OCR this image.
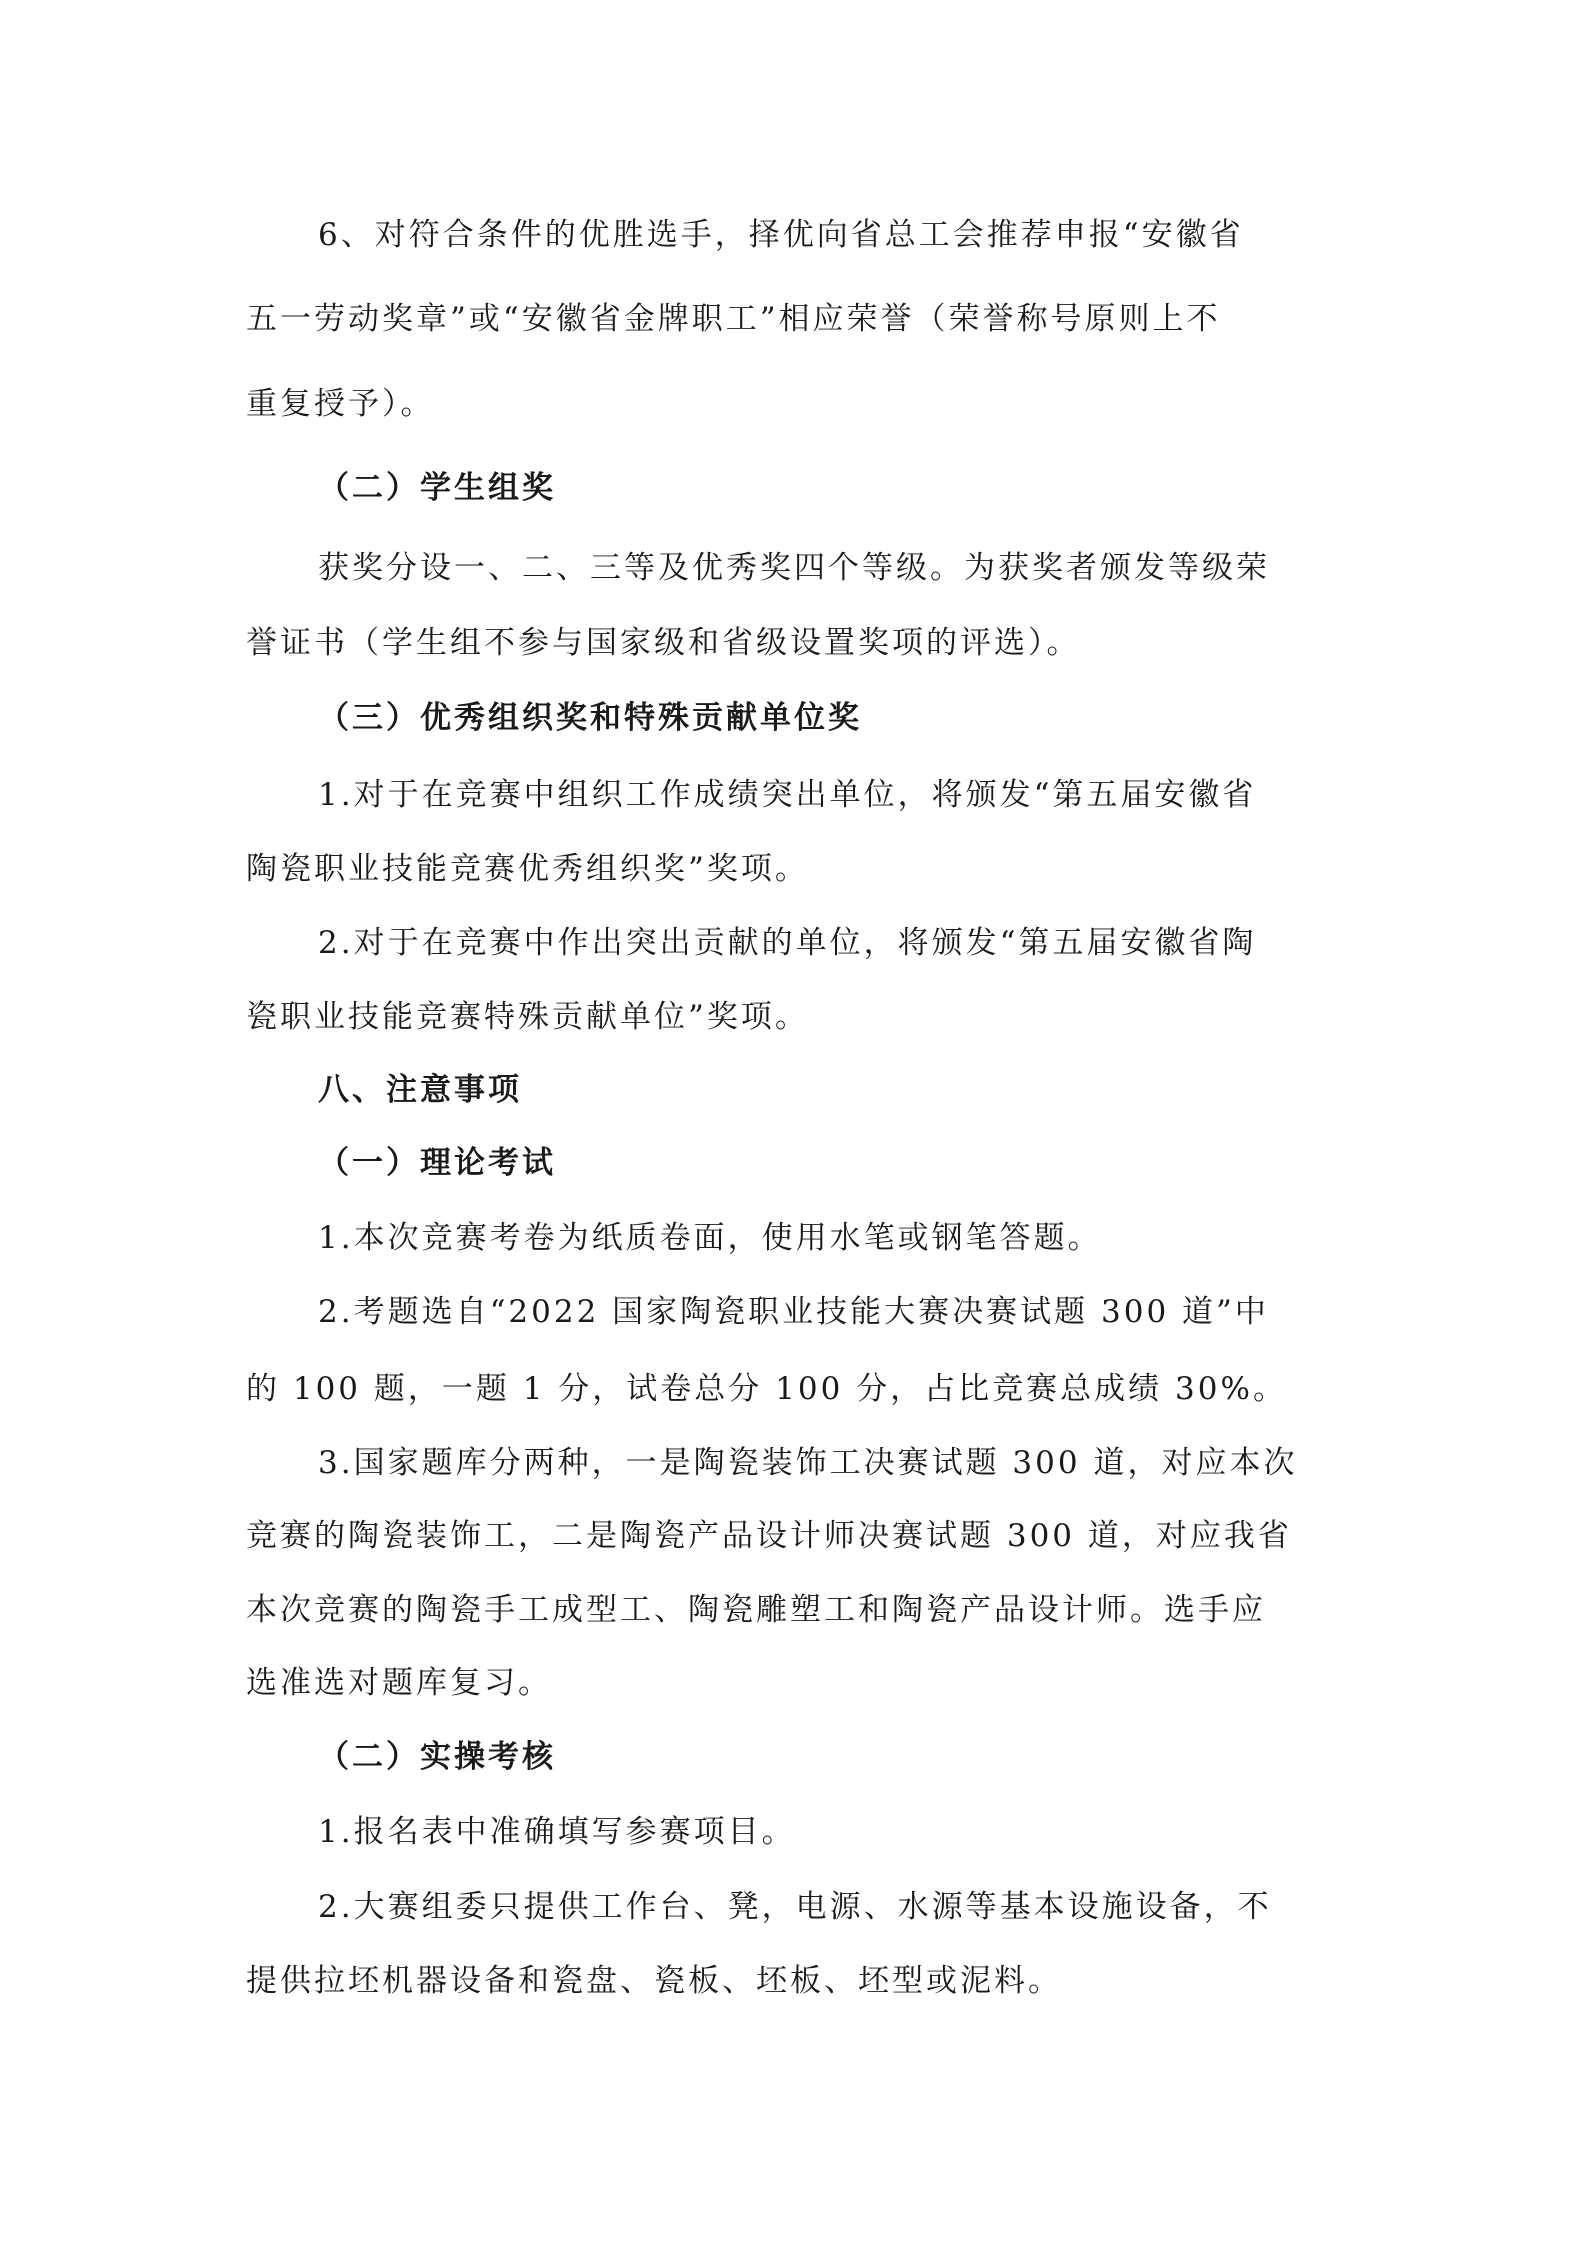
6、对符合条件的优胜选手，择优向省总工会推荐申报“安徽省
五一劳动奖章”或“安徽省金牌职工”相应荣誉（荣誉称号原则上不
重复授予）。
（二）学生组奖
获奖分设一、二、三等及优秀奖四个等级。为获奖者颁发等级荣
誉证书（学生组不参与国家级和省级设置奖项的评选）。
（三）优秀组织奖和特殊贡献单位奖
1.对于在竞赛中组织工作成绩突出单位，将颁发“第五届安徽省
陶瓷职业技能竞赛优秀组织奖”奖项。
2.对于在竞赛中作出突出贡献的单位，将颁发“第五届安徽省陶
瓷职业技能竞赛特殊贡献单位”奖项。
八、注意事项
（一）理论考试
1.本次竞赛考卷为纸质卷面，使用水笔或钢笔答题。
2.考题选自“2022 国家陶瓷职业技能大赛决赛试题 300 道”中
的 100 题，一题 1 分，试卷总分 100 分，占比竞赛总成绩 30%。
3.国家题库分两种，一是陶瓷装饰工决赛试题 300 道，对应本次
竞赛的陶瓷装饰工，二是陶瓷产品设计师决赛试题 300 道，对应我省
本次竞赛的陶瓷手工成型工、陶瓷雕塑工和陶瓷产品设计师。选手应
选准选对题库复习。
（二）实操考核
1.报名表中准确填写参赛项目。
2.大赛组委只提供工作台、凳，电源、水源等基本设施设备，不
提供拉坯机器设备和瓷盘、瓷板、坯板、坯型或泥料。
